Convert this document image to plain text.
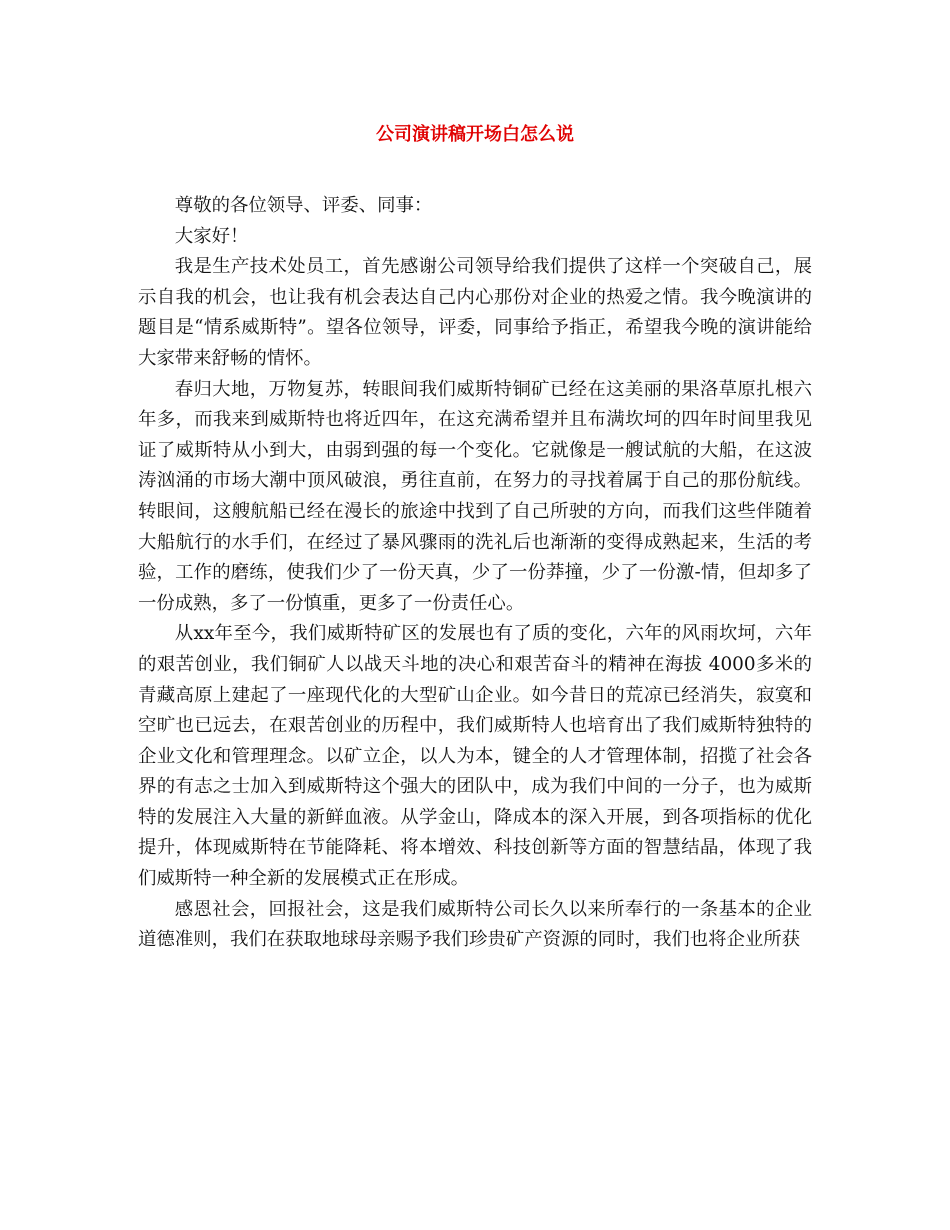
公司演讲稿开场白怎么说

尊敬的各位领导、评委、同事：

大家好！

我是生产技术处员工，首先感谢公司领导给我们提供了这样一个突破自己，展示自我的机会，也让我有机会表达自己内心那份对企业的热爱之情。我今晚演讲的题目是“情系威斯特”。望各位领导，评委，同事给予指正，希望我今晚的演讲能给大家带来舒畅的情怀。

春归大地，万物复苏，转眼间我们威斯特铜矿已经在这美丽的果洛草原扎根六年多，而我来到威斯特也将近四年，在这充满希望并且布满坎坷的四年时间里我见证了威斯特从小到大，由弱到强的每一个变化。它就像是一艘试航的大船，在这波涛汹涌的市场大潮中顶风破浪，勇往直前，在努力的寻找着属于自己的那份航线。转眼间，这艘航船已经在漫长的旅途中找到了自己所驶的方向，而我们这些伴随着大船航行的水手们，在经过了暴风骤雨的洗礼后也渐渐的变得成熟起来，生活的考验，工作的磨练，使我们少了一份天真，少了一份莽撞，少了一份激-情，但却多了一份成熟，多了一份慎重，更多了一份责任心。

从xx年至今，我们威斯特矿区的发展也有了质的变化，六年的风雨坎坷，六年的艰苦创业，我们铜矿人以战天斗地的决心和艰苦奋斗的精神在海拔 4000多米的青藏高原上建起了一座现代化的大型矿山企业。如今昔日的荒凉已经消失，寂寞和空旷也已远去，在艰苦创业的历程中，我们威斯特人也培育出了我们威斯特独特的企业文化和管理理念。以矿立企，以人为本，键全的人才管理体制，招揽了社会各界的有志之士加入到威斯特这个强大的团队中，成为我们中间的一分子，也为威斯特的发展注入大量的新鲜血液。从学金山，降成本的深入开展，到各项指标的优化提升，体现威斯特在节能降耗、将本增效、科技创新等方面的智慧结晶，体现了我们威斯特一种全新的发展模式正在形成。

感恩社会，回报社会，这是我们威斯特公司长久以来所奉行的一条基本的企业道德准则，我们在获取地球母亲赐予我们珍贵矿产资源的同时，我们也将企业所获
